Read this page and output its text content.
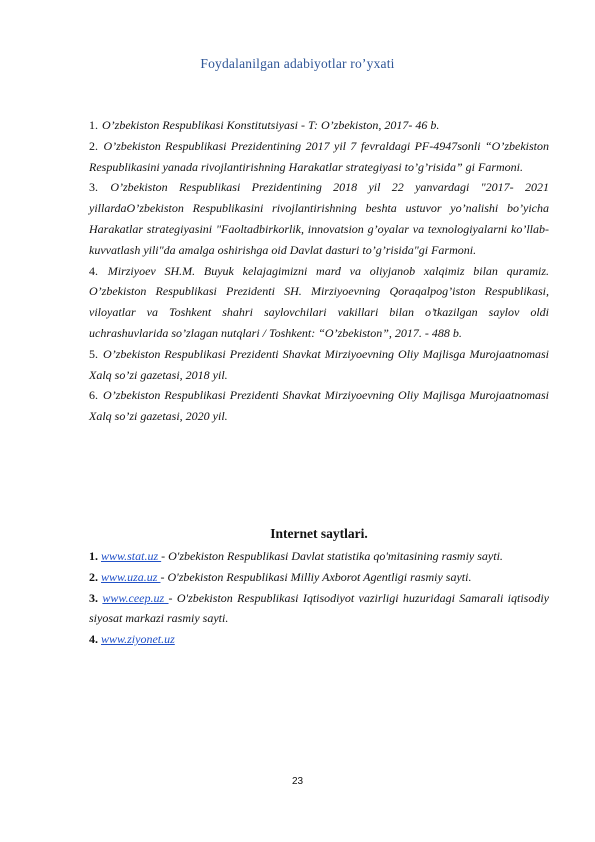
Foydalanilgan adabiyotlar ro’yxati

1. O’zbekiston Respublikasi Konstitutsiyasi - T: O’zbekiston, 2017- 46 b.

2. O’zbekiston Respublikasi Prezidentining 2017 yil 7 fevraldagi PF-4947sonli “O’zbekiston Respublikasini yanada rivojlantirishning Harakatlar strategiyasi to’g’risida” gi Farmoni.

3. O’zbekiston Respublikasi Prezidentining 2018 yil 22 yanvardagi "2017- 2021 yillardaO’zbekiston Respublikasini rivojlantirishning beshta ustuvor yo’nalishi bo’yicha Harakatlar strategiyasini "Faoltadbirkorlik, innovatsion g’oyalar va texnologiyalarni ko’llab-kuvvatlash yili"da amalga oshirishga oid Davlat dasturi to’g’risida"gi Farmoni.

4. Mirziyoev SH.M. Buyuk kelajagimizni mard va oliyjanob xalqimiz bilan quramiz. O’zbekiston Respublikasi Prezidenti SH. Mirziyoevning Qoraqalpog’iston Respublikasi, viloyatlar va Toshkent shahri saylovchilari vakillari bilan o’tkazilgan saylov oldi uchrashuvlarida so’zlagan nutqlari / Toshkent: “O’zbekiston”, 2017. - 488 b.

5. O’zbekiston Respublikasi Prezidenti Shavkat Mirziyoevning Oliy Majlisga Murojaatnomasi Xalq so’zi gazetasi, 2018 yil.

6. O’zbekiston Respublikasi Prezidenti Shavkat Mirziyoevning Oliy Majlisga Murojaatnomasi Xalq so’zi gazetasi, 2020 yil.

Internet saytlari.

1. www.stat.uz - O'zbekiston Respublikasi Davlat statistika qo'mitasining rasmiy sayti.

2. www.uza.uz - O'zbekiston Respublikasi Milliy Axborot Agentligi rasmiy sayti.

3. www.ceep.uz - O'zbekiston Respublikasi Iqtisodiyot vazirligi huzuridagi Samarali iqtisodiy siyosat markazi rasmiy sayti.

4. www.ziyonet.uz

23
